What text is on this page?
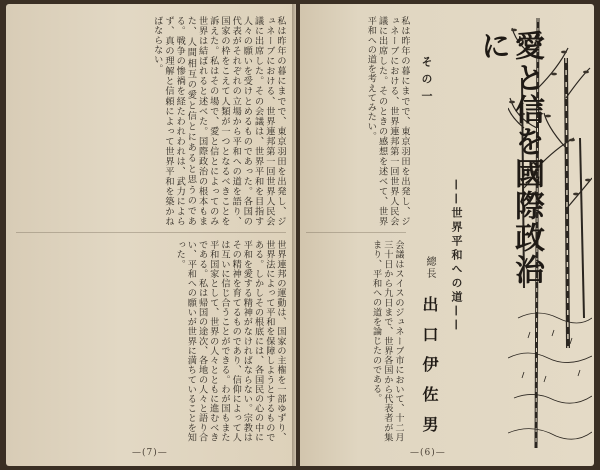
私は昨年の暮にまでで、東京羽田を出発し、ジュネーブにおける、世界連邦第一回世界人民会議に出席した。その会議は、世界平和を目指す人々の願いを受けとめるものであった。各国の代表がそれぞれの立場から平和への道を語り、国家の枠をこえて人類が一つとなるべきことを訴えた。私はその場で、愛と信とによってのみ世界は結ばれると述べた。国際政治の根本もまた、人間相互の愛と信とにあると思うのである。戦争の惨禍を経たわれわれは、武力によらず、真の理解と信頼によって世界平和を築かねばならない。
世界連邦の運動は、国家の主権を一部ゆずり、世界法によって平和を保障しようとするものである。しかしその根底には、各国民の心の中に平和を愛する精神がなければならない。宗教はその精神を育てるものであり、信仰によって人は互いに信じ合うことができる。わが国もまた平和国家として、世界の人々とともに進むべきである。私は帰国の途次、各地の人々と語り合い、平和への願いが世界に満ちていることを知った。
—(7)—
愛と信を國際政治に
——世界平和への道——
その一
總長
出口伊佐男
私は昨年の暮にまでで、東京羽田を出発し、ジュネーブにおける、世界連邦第一回世界人民会議に出席した。そのときの感想を述べて、世界平和への道を考えてみたい。
会議はスイスのジュネーブ市において、十二月三十日から九日まで、世界各国から代表者が集まり、平和への道を論じたのである。
—(6)—
